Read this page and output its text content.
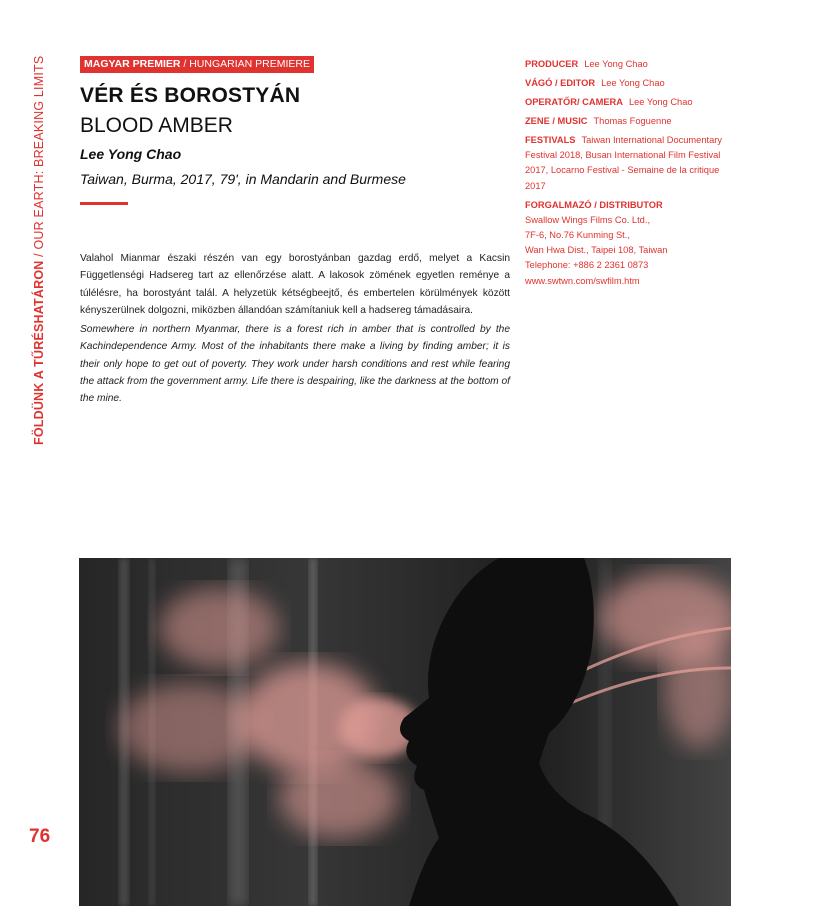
FÖLDÜNK A TŰRÉSHATÁRON / OUR EARTH: BREAKING LIMITS
76
MAGYAR PREMIER / HUNGARIAN PREMIERE
VÉR ÉS BOROSTYÁN
BLOOD AMBER
Lee Yong Chao
Taiwan, Burma, 2017, 79', in Mandarin and Burmese

Valahol Mianmar északi részén van egy borostyánban gazdag erdő, melyet a Kacsin Függetlenségi Hadsereg tart az ellenőrzése alatt. A lakosok zömének egyetlen reménye a túlélésre, ha borostyánt talál. A helyzetük kétségbeejtő, és embertelen körülmények között kényszerülnek dolgozni, miközben állandóan számítaniuk kell a hadsereg támadásaira.

Somewhere in northern Myanmar, there is a forest rich in amber that is controlled by the Kachindependence Army. Most of the inhabitants there make a living by finding amber; it is their only hope to get out of poverty. They work under harsh conditions and rest while fearing the attack from the government army. Life there is despairing, like the darkness at the bottom of the mine.

PRODUCER Lee Yong Chao
VÁGÓ / EDITOR Lee Yong Chao
OPERATŐR/ CAMERA Lee Yong Chao
ZENE / MUSIC Thomas Foguenne
FESTIVALS Taiwan International Documentary
Festival 2018, Busan International Film Festival
2017, Locarno Festival - Semaine de la critique
2017
FORGALMAZÓ / DISTRIBUTOR
Swallow Wings Films Co. Ltd.,
7F-6, No.76 Kunming St.,
Wan Hwa Dist., Taipei 108, Taiwan
Telephone: +886 2 2361 0873
www.swtwn.com/swfilm.htm
